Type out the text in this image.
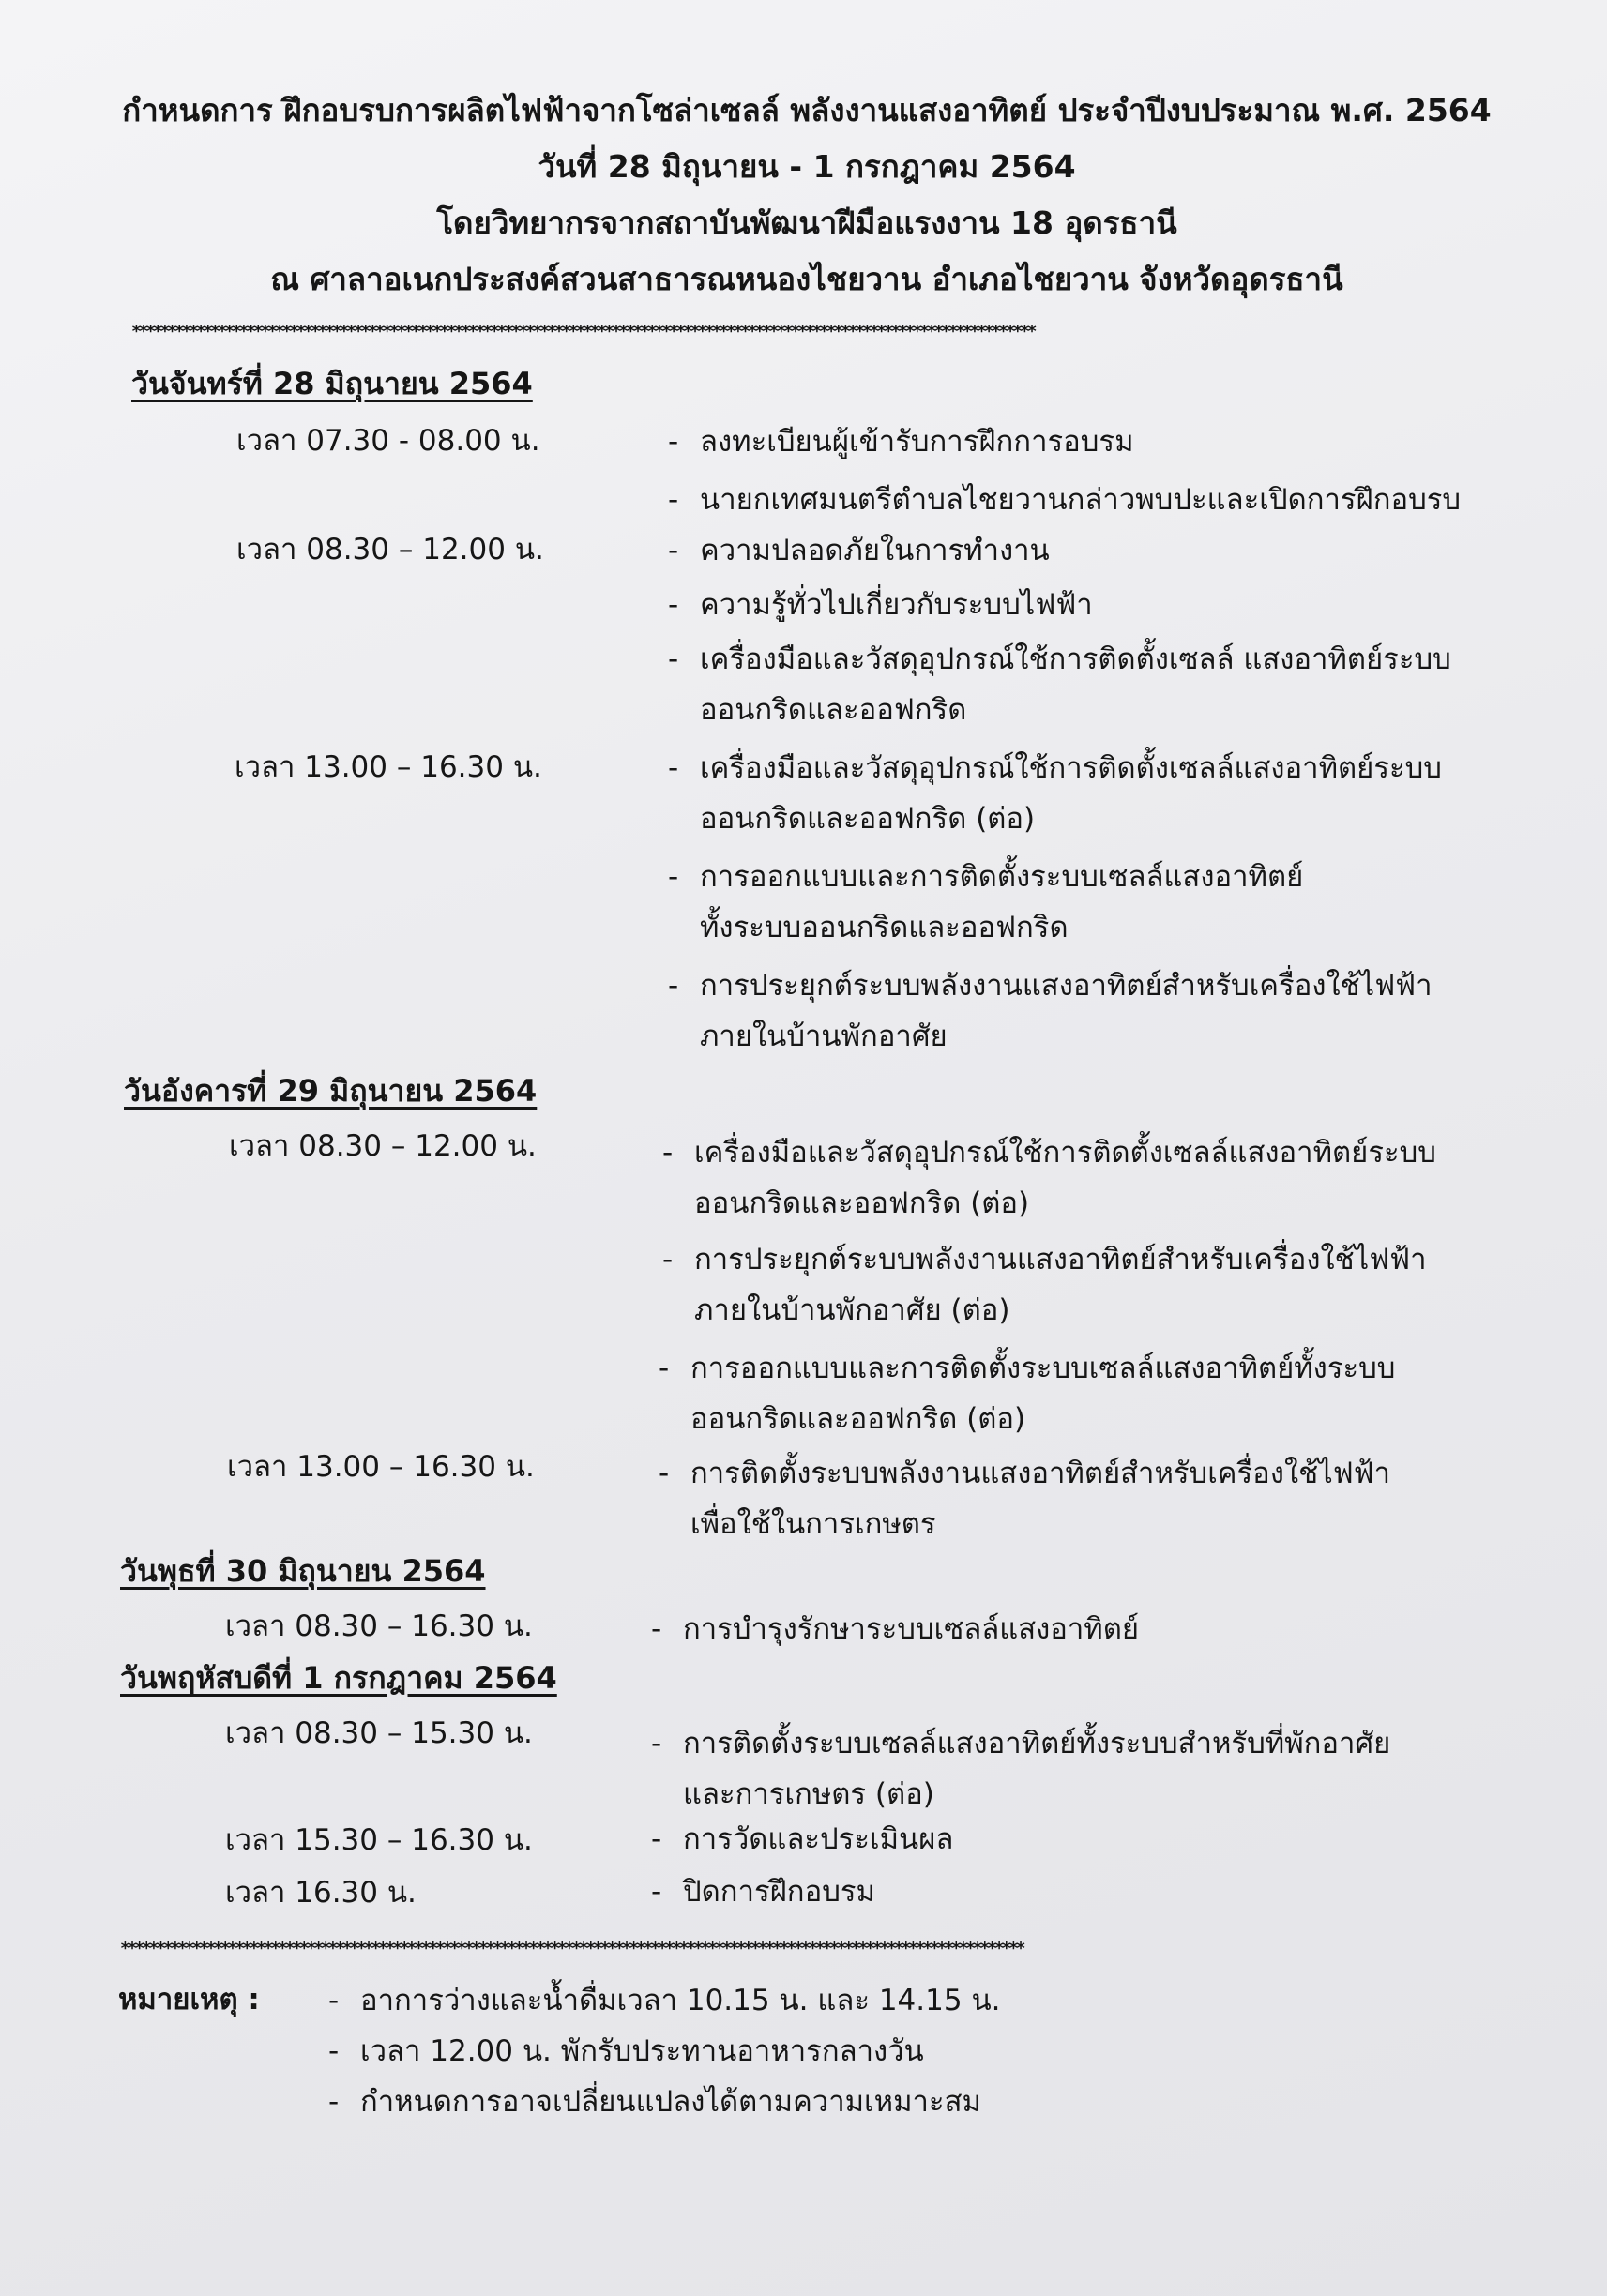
กำหนดการ ฝึกอบรบการผลิตไฟฟ้าจากโซล่าเซลล์ พลังงานแสงอาทิตย์ ประจำปีงบประมาณ พ.ศ. 2564
วันที่ 28 มิถุนายน - 1 กรกฎาคม 2564
โดยวิทยากรจากสถาบันพัฒนาฝีมือแรงงาน 18 อุดรธานี
ณ ศาลาอเนกประสงค์สวนสาธารณหนองไชยวาน อำเภอไชยวาน จังหวัดอุดรธานี
******************************************************************************************************************************
วันจันทร์ที่ 28 มิถุนายน 2564
เวลา 07.30 - 08.00 น.	- ลงทะเบียนผู้เข้ารับการฝึกการอบรม
- นายกเทศมนตรีตำบลไชยวานกล่าวพบปะและเปิดการฝึกอบรบ
เวลา 08.30 – 12.00 น.	- ความปลอดภัยในการทำงาน
- ความรู้ทั่วไปเกี่ยวกับระบบไฟฟ้า
- เครื่องมือและวัสดุอุปกรณ์ใช้การติดตั้งเซลล์ แสงอาทิตย์ระบบ
ออนกริดและออฟกริด
เวลา 13.00 – 16.30 น.	- เครื่องมือและวัสดุอุปกรณ์ใช้การติดตั้งเซลล์แสงอาทิตย์ระบบ
ออนกริดและออฟกริด (ต่อ)
- การออกแบบและการติดตั้งระบบเซลล์แสงอาทิตย์
ทั้งระบบออนกริดและออฟกริด
- การประยุกต์ระบบพลังงานแสงอาทิตย์สำหรับเครื่องใช้ไฟฟ้า
ภายในบ้านพักอาศัย
วันอังคารที่ 29 มิถุนายน 2564
เวลา 08.30 – 12.00 น.	- เครื่องมือและวัสดุอุปกรณ์ใช้การติดตั้งเซลล์แสงอาทิตย์ระบบ
ออนกริดและออฟกริด (ต่อ)
- การประยุกต์ระบบพลังงานแสงอาทิตย์สำหรับเครื่องใช้ไฟฟ้า
ภายในบ้านพักอาศัย (ต่อ)
- การออกแบบและการติดตั้งระบบเซลล์แสงอาทิตย์ทั้งระบบ
ออนกริดและออฟกริด (ต่อ)
เวลา 13.00 – 16.30 น.	- การติดตั้งระบบพลังงานแสงอาทิตย์สำหรับเครื่องใช้ไฟฟ้า
เพื่อใช้ในการเกษตร
วันพุธที่ 30 มิถุนายน 2564
เวลา 08.30 – 16.30 น.	- การบำรุงรักษาระบบเซลล์แสงอาทิตย์
วันพฤหัสบดีที่ 1 กรกฎาคม 2564
เวลา 08.30 – 15.30 น.	- การติดตั้งระบบเซลล์แสงอาทิตย์ทั้งระบบสำหรับที่พักอาศัย
และการเกษตร (ต่อ)
เวลา 15.30 – 16.30 น.	- การวัดและประเมินผล
เวลา 16.30 น.	- ปิดการฝึกอบรม
******************************************************************************************************************************
หมายเหตุ : - อาการว่างและน้ำดื่มเวลา 10.15 น. และ 14.15 น.
- เวลา 12.00 น. พักรับประทานอาหารกลางวัน
- กำหนดการอาจเปลี่ยนแปลงได้ตามความเหมาะสม
